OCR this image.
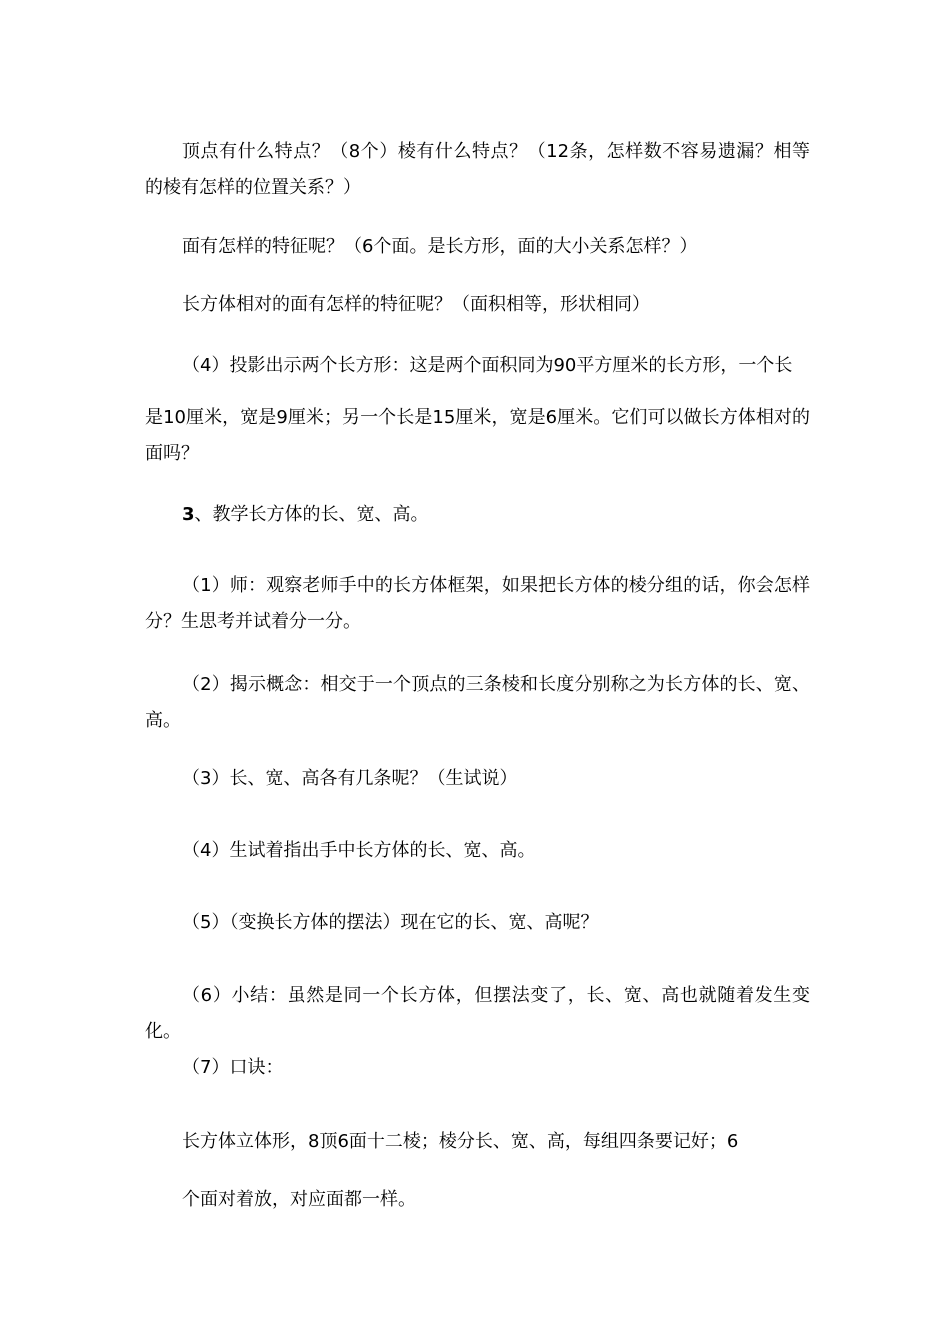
顶点有什么特点？（8个）棱有什么特点？（12条，怎样数不容易遗漏？相等的棱有怎样的位置关系？）

面有怎样的特征呢？（6个面。是长方形，面的大小关系怎样？）

长方体相对的面有怎样的特征呢？（面积相等，形状相同）

（4）投影出示两个长方形：这是两个面积同为90平方厘米的长方形，一个长

是10厘米，宽是9厘米；另一个长是15厘米，宽是6厘米。它们可以做长方体相对的面吗？

3、教学长方体的长、宽、高。

（1）师：观察老师手中的长方体框架，如果把长方体的棱分组的话，你会怎样分？生思考并试着分一分。

（2）揭示概念：相交于一个顶点的三条棱和长度分别称之为长方体的长、宽、高。

（3）长、宽、高各有几条呢？（生试说）

（4）生试着指出手中长方体的长、宽、高。

（5）（变换长方体的摆法）现在它的长、宽、高呢？

（6）小结：虽然是同一个长方体，但摆法变了，长、宽、高也就随着发生变化。

（7）口诀：

长方体立体形，8顶6面十二棱；棱分长、宽、高，每组四条要记好；6

个面对着放，对应面都一样。
